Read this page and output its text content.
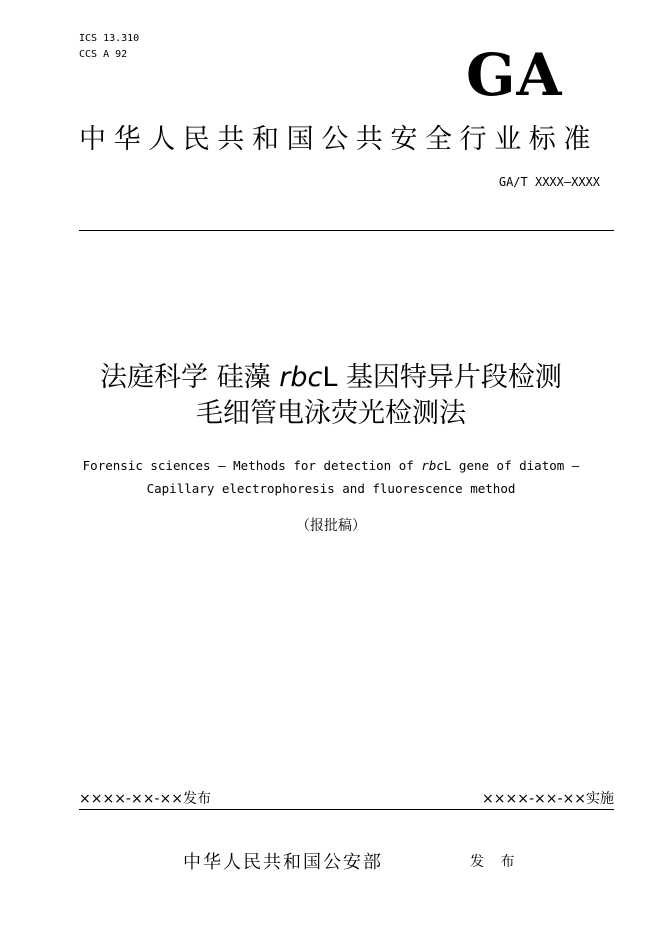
ICS 13.310
CCS A 92	GA
中华人民共和国公共安全行业标准
GA/T XXXX—XXXX
法庭科学 硅藻 rbcL 基因特异片段检测
毛细管电泳荧光检测法
Forensic sciences – Methods for detection of rbcL gene of diatom –
Capillary electrophoresis and fluorescence method
（报批稿）
××××-××-××发布	××××-××-××实施
中华人民共和国公安部	发 布
